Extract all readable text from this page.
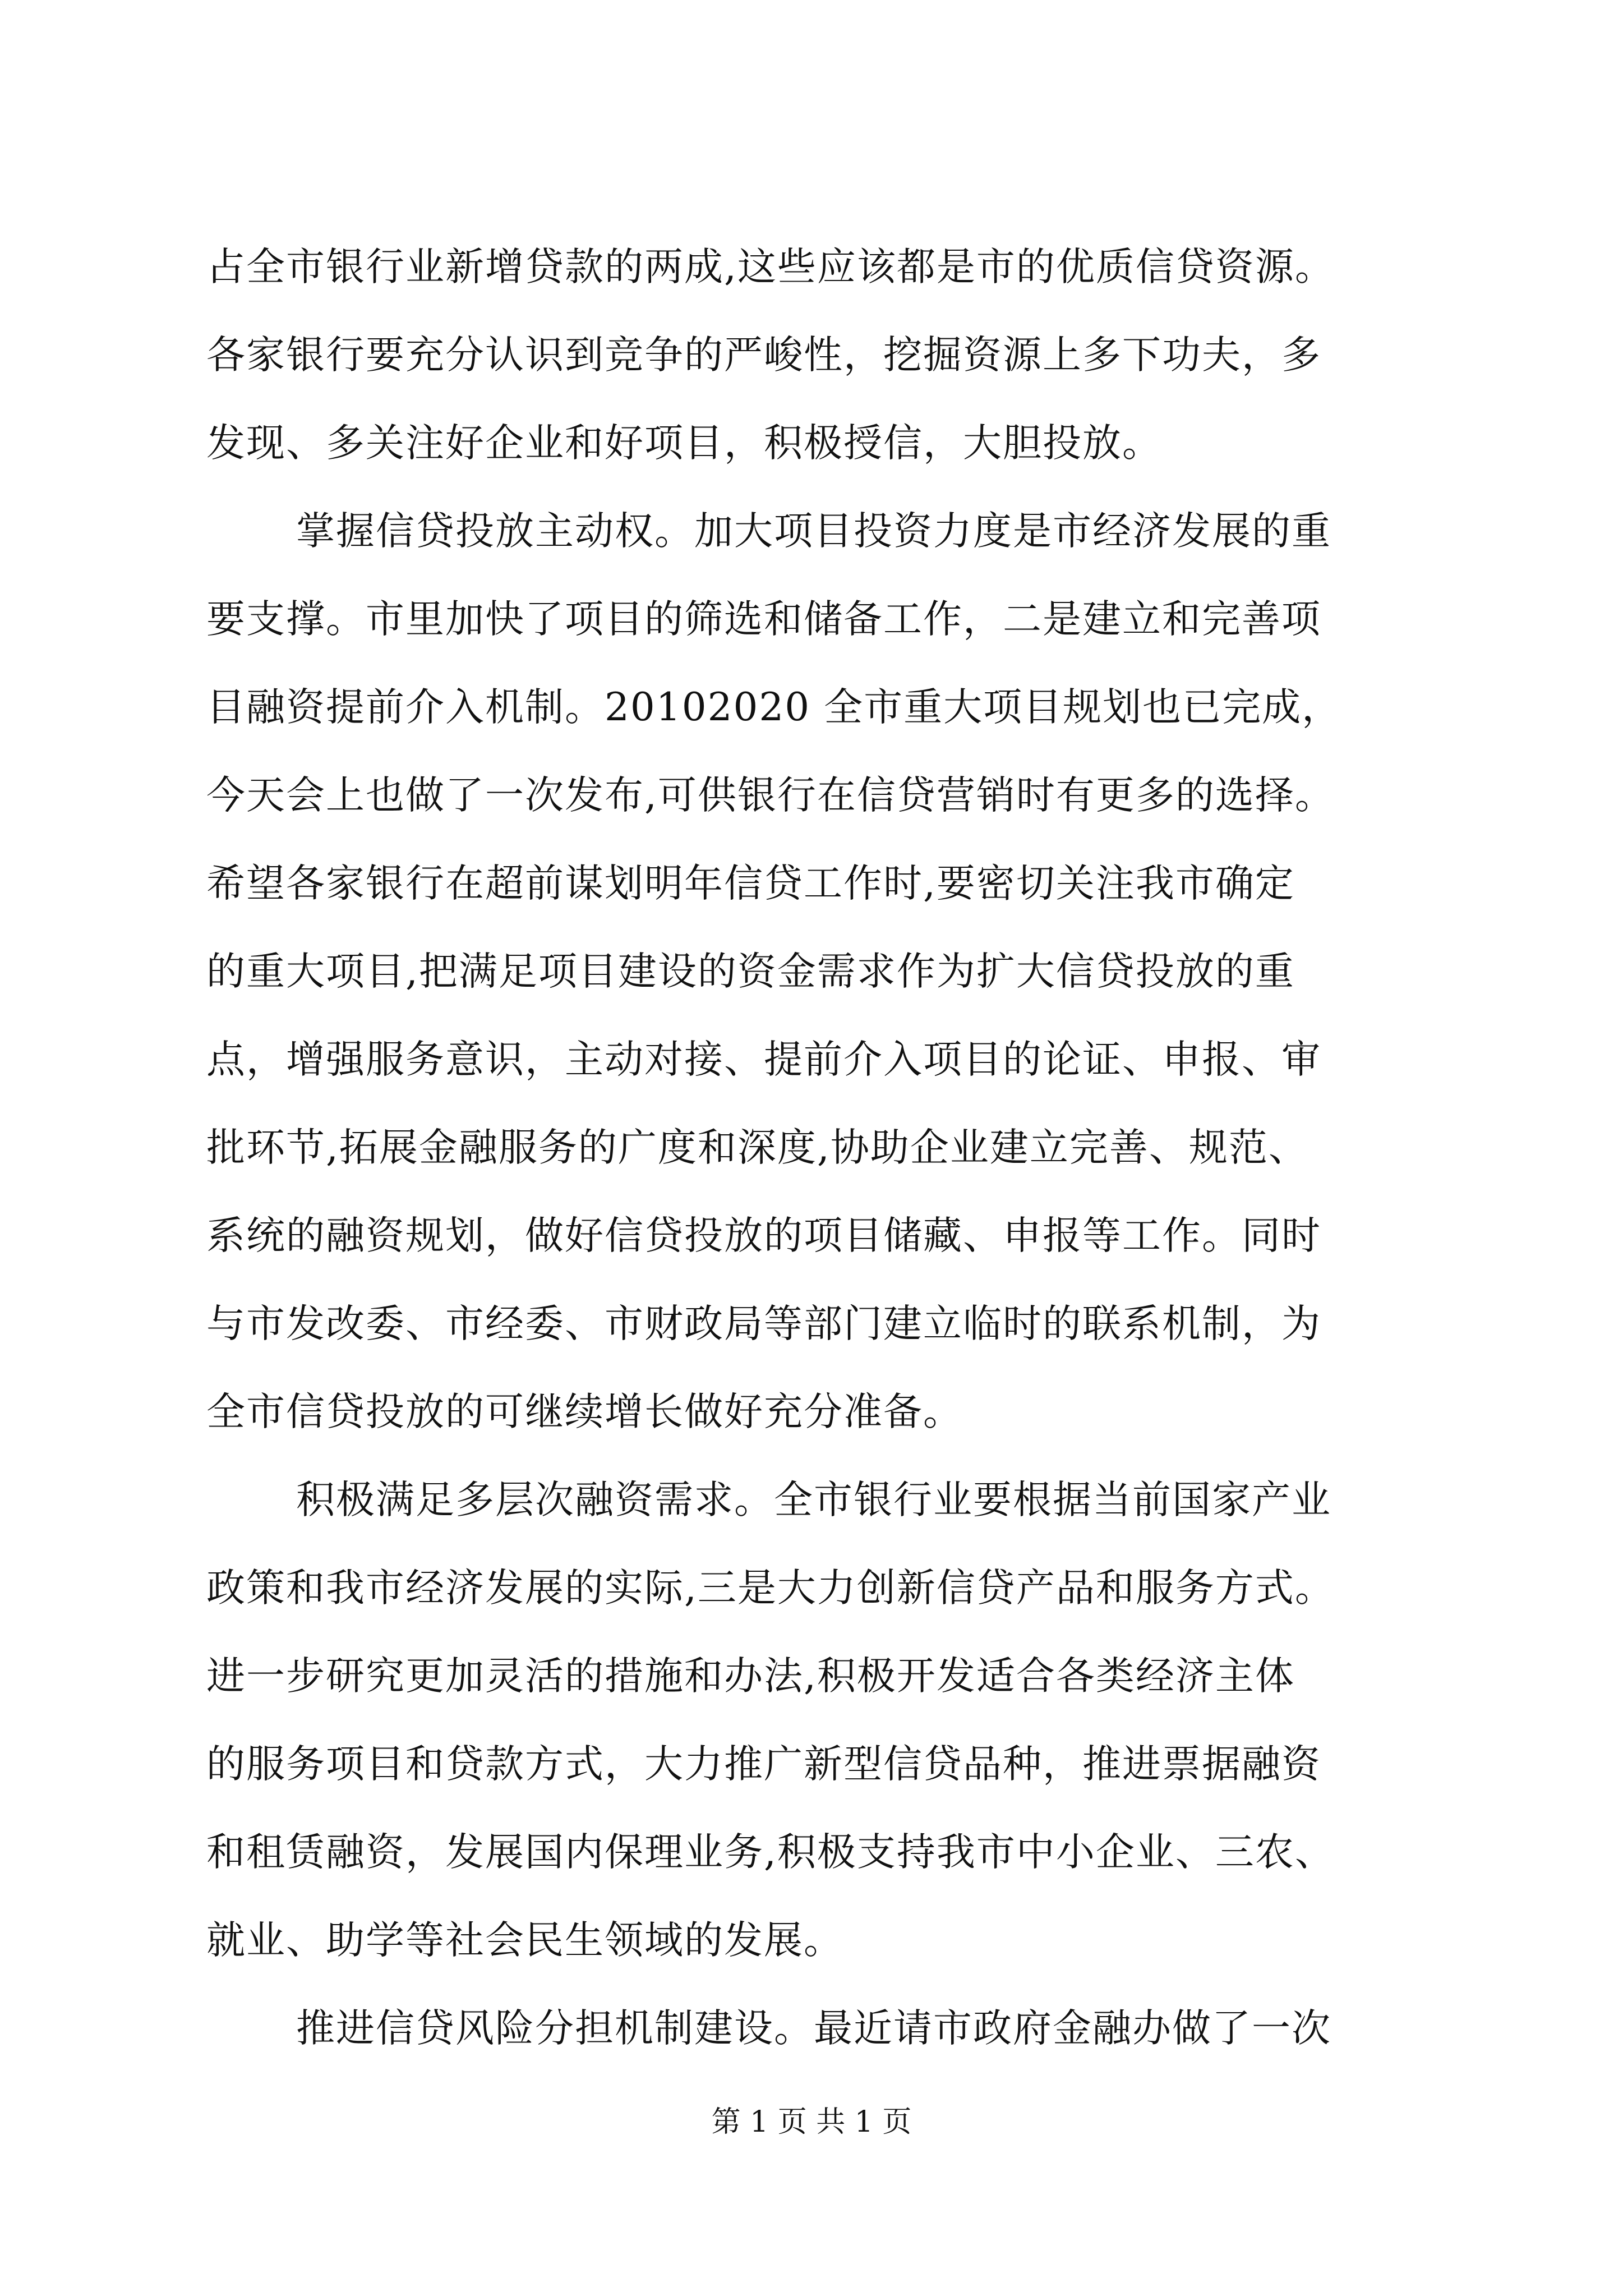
占全市银行业新增贷款的两成,这些应该都是市的优质信贷资源。
各家银行要充分认识到竞争的严峻性，挖掘资源上多下功夫，多
发现、多关注好企业和好项目，积极授信，大胆投放。
掌握信贷投放主动权。加大项目投资力度是市经济发展的重
要支撑。市里加快了项目的筛选和储备工作，二是建立和完善项
目融资提前介入机制。20102020 全市重大项目规划也已完成，
今天会上也做了一次发布,可供银行在信贷营销时有更多的选择。
希望各家银行在超前谋划明年信贷工作时,要密切关注我市确定
的重大项目,把满足项目建设的资金需求作为扩大信贷投放的重
点，增强服务意识，主动对接、提前介入项目的论证、申报、审
批环节,拓展金融服务的广度和深度,协助企业建立完善、规范、
系统的融资规划，做好信贷投放的项目储藏、申报等工作。同时
与市发改委、市经委、市财政局等部门建立临时的联系机制，为
全市信贷投放的可继续增长做好充分准备。
积极满足多层次融资需求。全市银行业要根据当前国家产业
政策和我市经济发展的实际,三是大力创新信贷产品和服务方式。
进一步研究更加灵活的措施和办法,积极开发适合各类经济主体
的服务项目和贷款方式，大力推广新型信贷品种，推进票据融资
和租赁融资，发展国内保理业务,积极支持我市中小企业、三农、
就业、助学等社会民生领域的发展。
推进信贷风险分担机制建设。最近请市政府金融办做了一次
第 1 页 共 1 页
